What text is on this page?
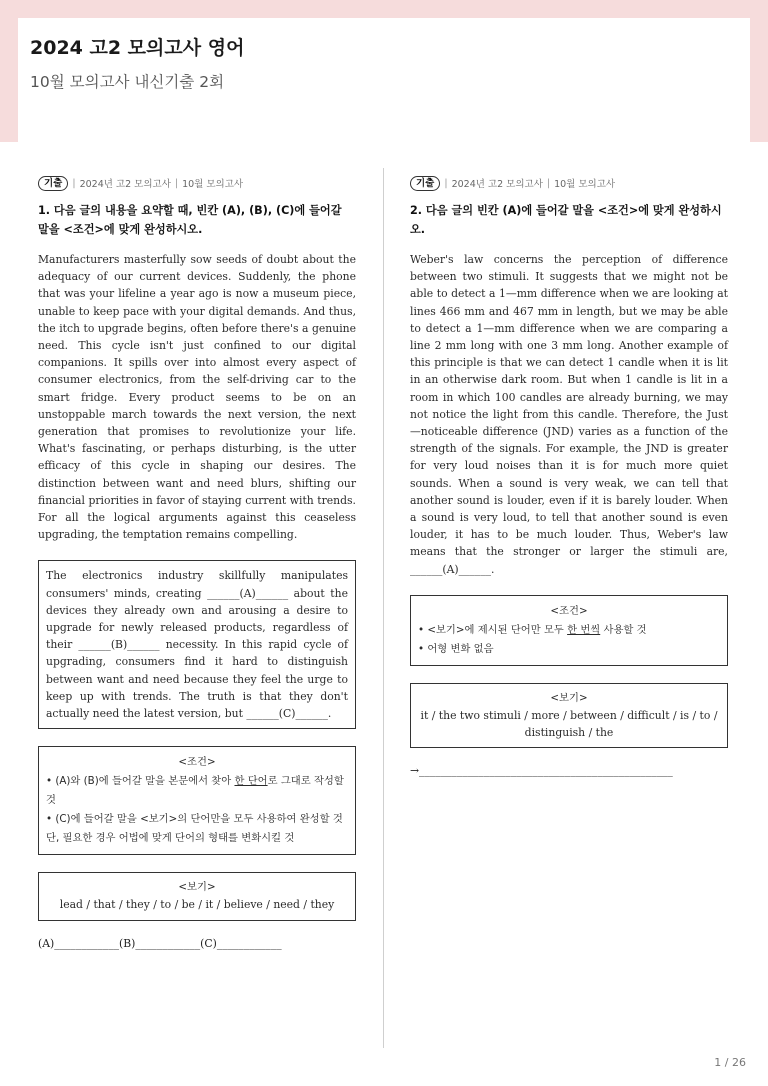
2024 고2 모의고사 영어
10월 모의고사 내신기출 2회
기출	| 2024년 고2 모의고사 | 10월 모의고사
1. 다음 글의 내용을 요약할 때, 빈칸 (A), (B), (C)에 들어갈 말을 <조건>에 맞게 완성하시오.
Manufacturers masterfully sow seeds of doubt about the adequacy of our current devices. Suddenly, the phone that was your lifeline a year ago is now a museum piece, unable to keep pace with your digital demands. And thus, the itch to upgrade begins, often before there's a genuine need. This cycle isn't just confined to our digital companions. It spills over into almost every aspect of consumer electronics, from the self-driving car to the smart fridge. Every product seems to be on an unstoppable march towards the next version, the next generation that promises to revolutionize your life. What's fascinating, or perhaps disturbing, is the utter efficacy of this cycle in shaping our desires. The distinction between want and need blurs, shifting our financial priorities in favor of staying current with trends. For all the logical arguments against this ceaseless upgrading, the temptation remains compelling.
The electronics industry skillfully manipulates consumers' minds, creating ______(A)______ about the devices they already own and arousing a desire to upgrade for newly released products, regardless of their ______(B)______ necessity. In this rapid cycle of upgrading, consumers find it hard to distinguish between want and need because they feel the urge to keep up with trends. The truth is that they don't actually need the latest version, but ______(C)______.
<조건>
• (A)와 (B)에 들어갈 말을 본문에서 찾아 한 단어로 그대로 작성할 것
• (C)에 들어갈 말을 <보기>의 단어만을 모두 사용하여 완성할 것 단, 필요한 경우 어법에 맞게 단어의 형태를 변화시킬 것
<보기>
lead / that / they / to / be / it / believe / need / they
(A)____________(B)____________(C)____________
기출	| 2024년 고2 모의고사 | 10월 모의고사
2. 다음 글의 빈칸 (A)에 들어갈 말을 <조건>에 맞게 완성하시오.
Weber's law concerns the perception of difference between two stimuli. It suggests that we might not be able to detect a 1—mm difference when we are looking at lines 466 mm and 467 mm in length, but we may be able to detect a 1—mm difference when we are comparing a line 2 mm long with one 3 mm long. Another example of this principle is that we can detect 1 candle when it is lit in an otherwise dark room. But when 1 candle is lit in a room in which 100 candles are already burning, we may not notice the light from this candle. Therefore, the Just—noticeable difference (JND) varies as a function of the strength of the signals. For example, the JND is greater for very loud noises than it is for much more quiet sounds. When a sound is very weak, we can tell that another sound is louder, even if it is barely louder. When a sound is very loud, to tell that another sound is even louder, it has to be much louder. Thus, Weber's law means that the stronger or larger the stimuli are, ______(A)______.
<조건>
• <보기>에 제시된 단어만 모두 한 번씩 사용할 것
• 어형 변화 없음
<보기>
it / the two stimuli / more / between / difficult / is / to / distinguish / the
→_______________________________________________
1 / 26
